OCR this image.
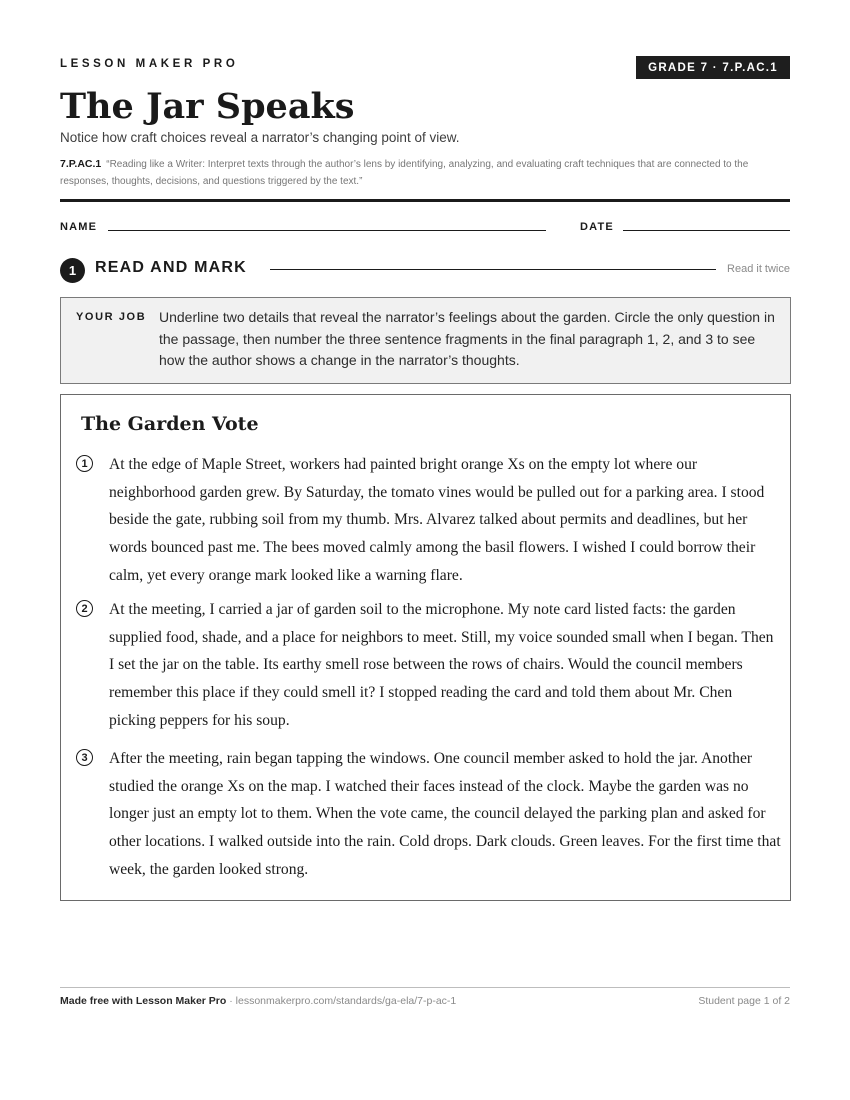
LESSON MAKER PRO	GRADE 7 · 7.P.AC.1
The Jar Speaks
Notice how craft choices reveal a narrator’s changing point of view.
7.P.AC.1 “Reading like a Writer: Interpret texts through the author’s lens by identifying, analyzing, and evaluating craft techniques that are connected to the responses, thoughts, decisions, and questions triggered by the text.”
NAME	DATE
1	READ AND MARK	Read it twice
YOUR JOB Underline two details that reveal the narrator’s feelings about the garden. Circle the only question in the passage, then number the three sentence fragments in the final paragraph 1, 2, and 3 to see how the author shows a change in the narrator’s thoughts.
The Garden Vote
1	At the edge of Maple Street, workers had painted bright orange Xs on the empty lot where our neighborhood garden grew. By Saturday, the tomato vines would be pulled out for a parking area. I stood beside the gate, rubbing soil from my thumb. Mrs. Alvarez talked about permits and deadlines, but her words bounced past me. The bees moved calmly among the basil flowers. I wished I could borrow their calm, yet every orange mark looked like a warning flare.
2	At the meeting, I carried a jar of garden soil to the microphone. My note card listed facts: the garden supplied food, shade, and a place for neighbors to meet. Still, my voice sounded small when I began. Then I set the jar on the table. Its earthy smell rose between the rows of chairs. Would the council members remember this place if they could smell it? I stopped reading the card and told them about Mr. Chen picking peppers for his soup.
3	After the meeting, rain began tapping the windows. One council member asked to hold the jar. Another studied the orange Xs on the map. I watched their faces instead of the clock. Maybe the garden was no longer just an empty lot to them. When the vote came, the council delayed the parking plan and asked for other locations. I walked outside into the rain. Cold drops. Dark clouds. Green leaves. For the first time that week, the garden looked strong.
Made free with Lesson Maker Pro · lessonmakerpro.com/standards/ga-ela/7-p-ac-1	Student page 1 of 2
